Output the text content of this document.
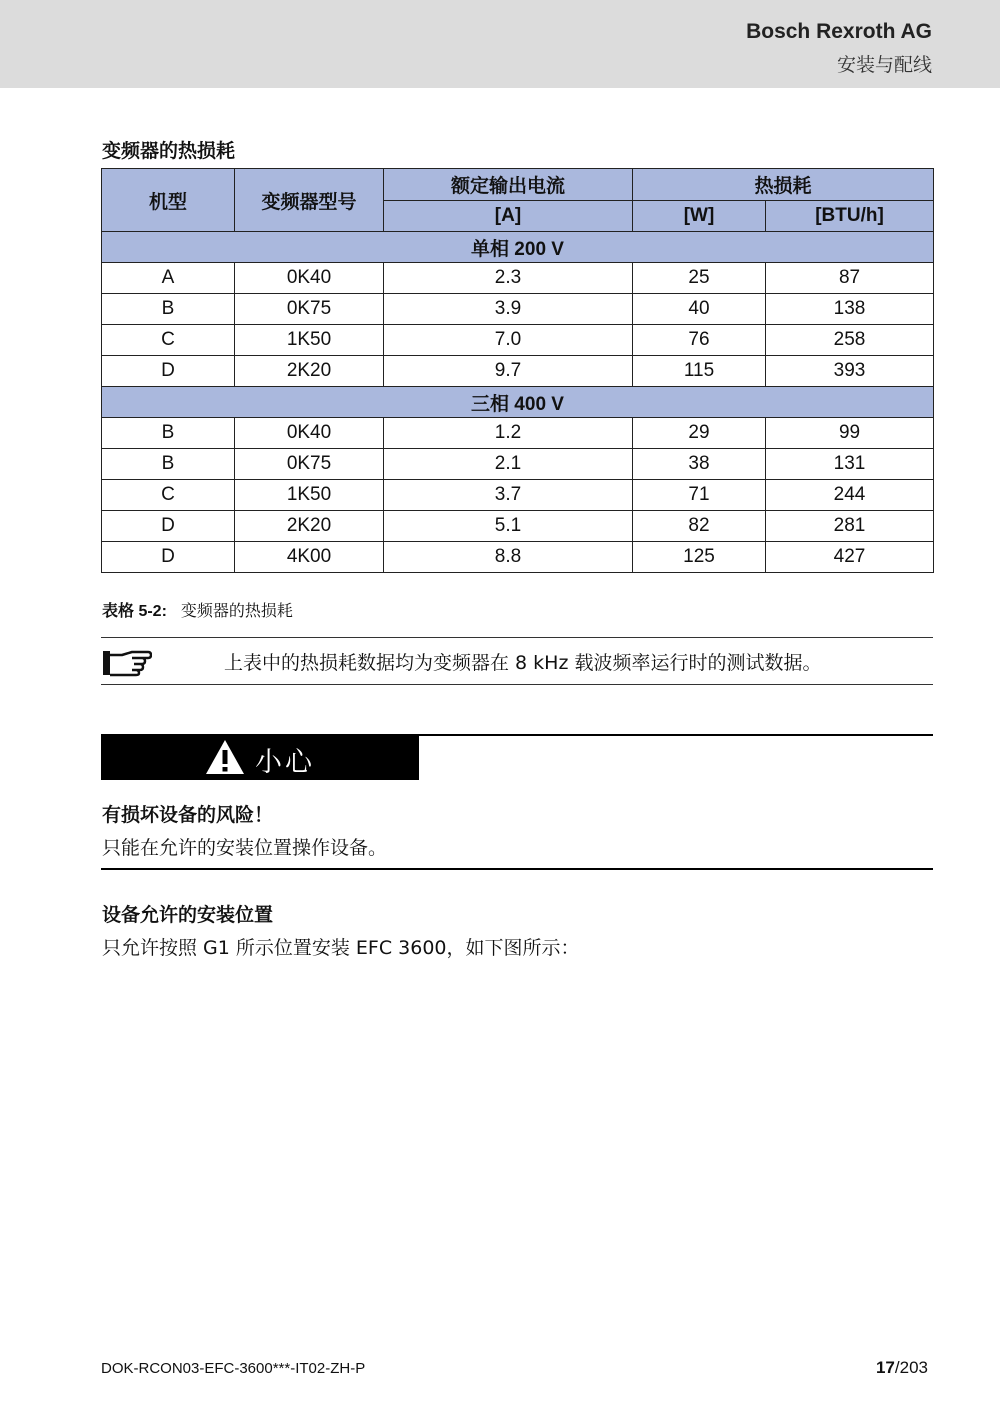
Bosch Rexroth AG
安装与配线
变频器的热损耗
机型	变频器型号	额定输出电流	热损耗	
		[A]	[W]	[BTU/h]
单相 200 V				
A	0K40	2.3	25	87
B	0K75	3.9	40	138
C	1K50	7.0	76	258
D	2K20	9.7	115	393
三相 400 V				
B	0K40	1.2	29	99
B	0K75	2.1	38	131
C	1K50	3.7	71	244
D	2K20	5.1	82	281
D	4K00	8.8	125	427
表格 5-2: 变频器的热损耗
上表中的热损耗数据均为变频器在 8 kHz 载波频率运行时的测试数据。
小心
有损坏设备的风险！
只能在允许的安装位置操作设备。
设备允许的安装位置
只允许按照 G1 所示位置安装 EFC 3600，如下图所示：
DOK-RCON03-EFC-3600***-IT02-ZH-P	17/203
